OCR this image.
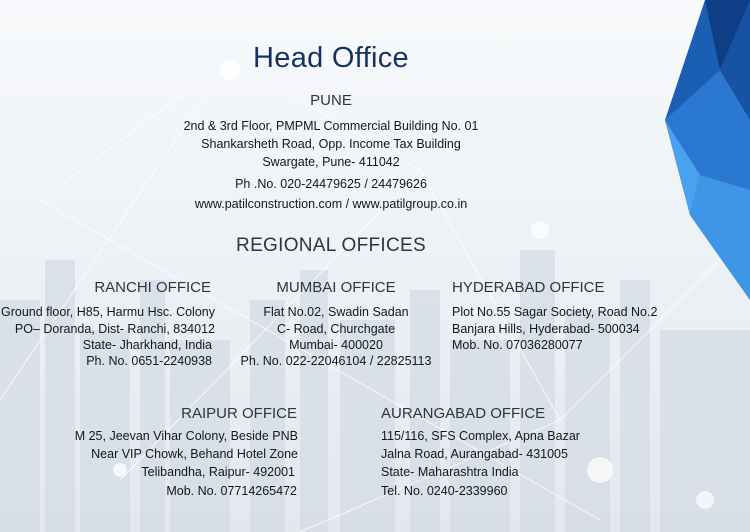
Head Office
PUNE
2nd & 3rd Floor, PMPML Commercial Building No. 01
Shankarsheth Road, Opp. Income Tax Building
Swargate, Pune- 411042
Ph .No. 020-24479625 / 24479626
www.patilconstruction.com / www.patilgroup.co.in
REGIONAL OFFICES
RANCHI OFFICE
Ground floor, H85, Harmu Hsc. Colony
PO– Doranda, Dist- Ranchi, 834012
State- Jharkhand, India
Ph. No. 0651-2240938
MUMBAI OFFICE
Flat No.02, Swadin Sadan
C- Road, Churchgate
Mumbai- 400020
Ph. No. 022-22046104 / 22825113
HYDERABAD OFFICE
Plot No.55 Sagar Society, Road No.2
Banjara Hills, Hyderabad- 500034
Mob. No. 07036280077
RAIPUR OFFICE
M 25, Jeevan Vihar Colony, Beside PNB
Near VIP Chowk, Behand Hotel Zone
Telibandha, Raipur- 492001
Mob. No. 07714265472
AURANGABAD OFFICE
115/116, SFS Complex, Apna Bazar
Jalna Road, Aurangabad- 431005
State- Maharashtra India
Tel. No. 0240-2339960
